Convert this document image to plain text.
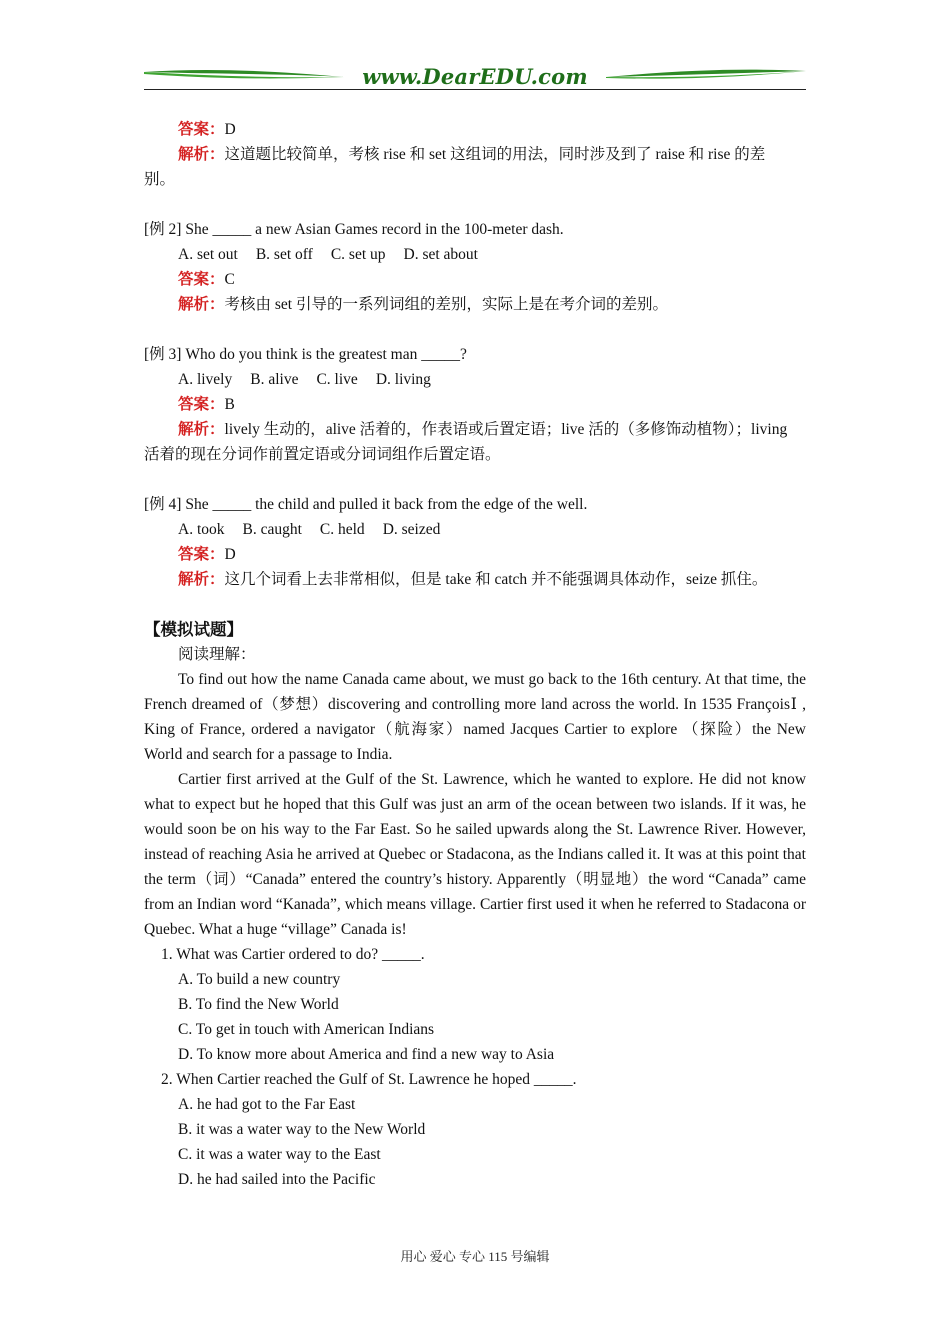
www.DearEDU.com

答案：D

解析：这道题比较简单，考核 rise 和 set 这组词的用法，同时涉及到了 raise 和 rise 的差

别。

[例 2] She _____ a new Asian Games record in the 100-meter dash.

A. set out B. set off C. set up D. set about

答案：C

解析：考核由 set 引导的一系列词组的差别，实际上是在考介词的差别。

[例 3] Who do you think is the greatest man _____?

A. lively B. alive C. live D. living

答案：B

解析：lively 生动的，alive 活着的，作表语或后置定语；live 活的（多修饰动植物）；living

活着的现在分词作前置定语或分词词组作后置定语。

[例 4] She _____ the child and pulled it back from the edge of the well.

A. took B. caught C. held D. seized

答案：D

解析：这几个词看上去非常相似，但是 take 和 catch 并不能强调具体动作，seize 抓住。

【模拟试题】

阅读理解：

To find out how the name Canada came about, we must go back to the 16th century. At that time, the French dreamed of（梦想）discovering and controlling more land across the world. In 1535 FrançoisⅠ , King of France, ordered a navigator（航海家）named Jacques Cartier to explore （探险）the New World and search for a passage to India.

Cartier first arrived at the Gulf of the St. Lawrence, which he wanted to explore. He did not know what to expect but he hoped that this Gulf was just an arm of the ocean between two islands. If it was, he would soon be on his way to the Far East. So he sailed upwards along the St. Lawrence River. However, instead of reaching Asia he arrived at Quebec or Stadacona, as the Indians called it. It was at this point that the term（词）“Canada” entered the country’s history. Apparently（明显地）the word “Canada” came from an Indian word “Kanada”, which means village. Cartier first used it when he referred to Stadacona or Quebec. What a huge “village” Canada is!

1. What was Cartier ordered to do? _____.

A. To build a new country

B. To find the New World

C. To get in touch with American Indians

D. To know more about America and find a new way to Asia

2. When Cartier reached the Gulf of St. Lawrence he hoped _____.

A. he had got to the Far East

B. it was a water way to the New World

C. it was a water way to the East

D. he had sailed into the Pacific

用心 爱心 专心 115 号编辑
